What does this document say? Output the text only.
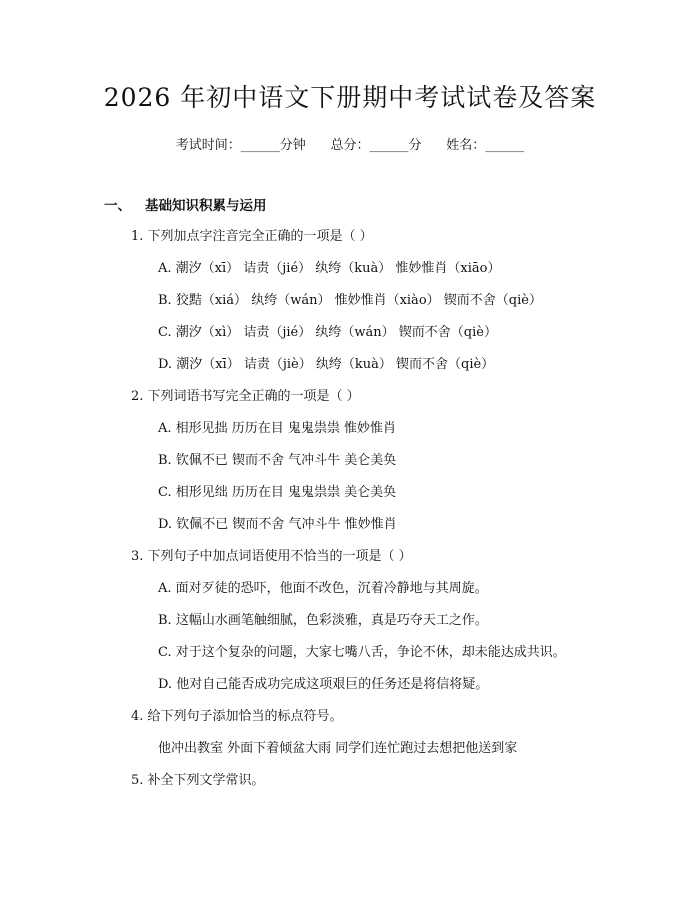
2026 年初中语文下册期中考试试卷及答案
考试时间：______分钟      总分：______分      姓名：______
一、 基础知识积累与运用
1. 下列加点字注音完全正确的一项是（ ）
A. 潮汐（xī） 诘责（jié） 纨绔（kuà） 惟妙惟肖（xiāo）
B. 狡黠（xiá） 纨绔（wán） 惟妙惟肖（xiào） 锲而不舍（qiè）
C. 潮汐（xì） 诘责（jié） 纨绔（wán） 锲而不舍（qiè）
D. 潮汐（xī） 诘责（jiè） 纨绔（kuà） 锲而不舍（qiè）
2. 下列词语书写完全正确的一项是（ ）
A. 相形见拙 历历在目 鬼鬼祟祟 惟妙惟肖
B. 钦佩不已 锲而不舍 气冲斗牛 美仑美奂
C. 相形见绌 历历在目 鬼鬼祟祟 美仑美奂
D. 钦佩不已 锲而不舍 气冲斗牛 惟妙惟肖
3. 下列句子中加点词语使用不恰当的一项是（ ）
A. 面对歹徒的恐吓，他面不改色，沉着冷静地与其周旋。
B. 这幅山水画笔触细腻，色彩淡雅，真是巧夺天工之作。
C. 对于这个复杂的问题，大家七嘴八舌，争论不休，却未能达成共识。
D. 他对自己能否成功完成这项艰巨的任务还是将信将疑。
4. 给下列句子添加恰当的标点符号。
他冲出教室 外面下着倾盆大雨 同学们连忙跑过去想把他送到家
5. 补全下列文学常识。
